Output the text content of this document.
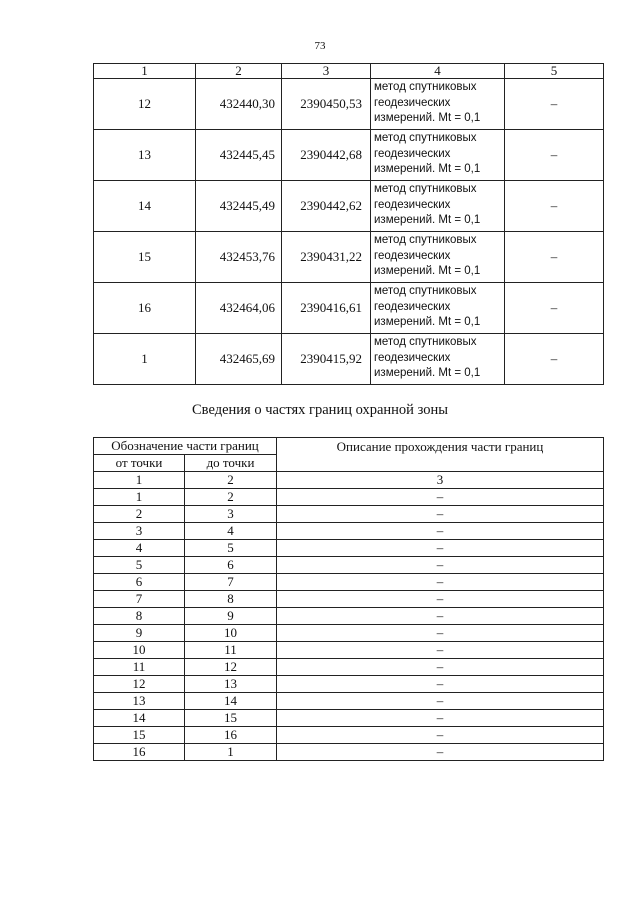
73
1	2	3	4	5
12	432440,30	2390450,53	метод спутниковых
геодезических
измерений. Mt = 0,1	–
13	432445,45	2390442,68	метод спутниковых
геодезических
измерений. Mt = 0,1	–
14	432445,49	2390442,62	метод спутниковых
геодезических
измерений. Mt = 0,1	–
15	432453,76	2390431,22	метод спутниковых
геодезических
измерений. Mt = 0,1	–
16	432464,06	2390416,61	метод спутниковых
геодезических
измерений. Mt = 0,1	–
1	432465,69	2390415,92	метод спутниковых
геодезических
измерений. Mt = 0,1	–
Сведения о частях границ охранной зоны
Обозначение части границ		Описание прохождения части границ
от точки	до точки	
1	2	3
1	2	–
2	3	–
3	4	–
4	5	–
5	6	–
6	7	–
7	8	–
8	9	–
9	10	–
10	11	–
11	12	–
12	13	–
13	14	–
14	15	–
15	16	–
16	1	–
